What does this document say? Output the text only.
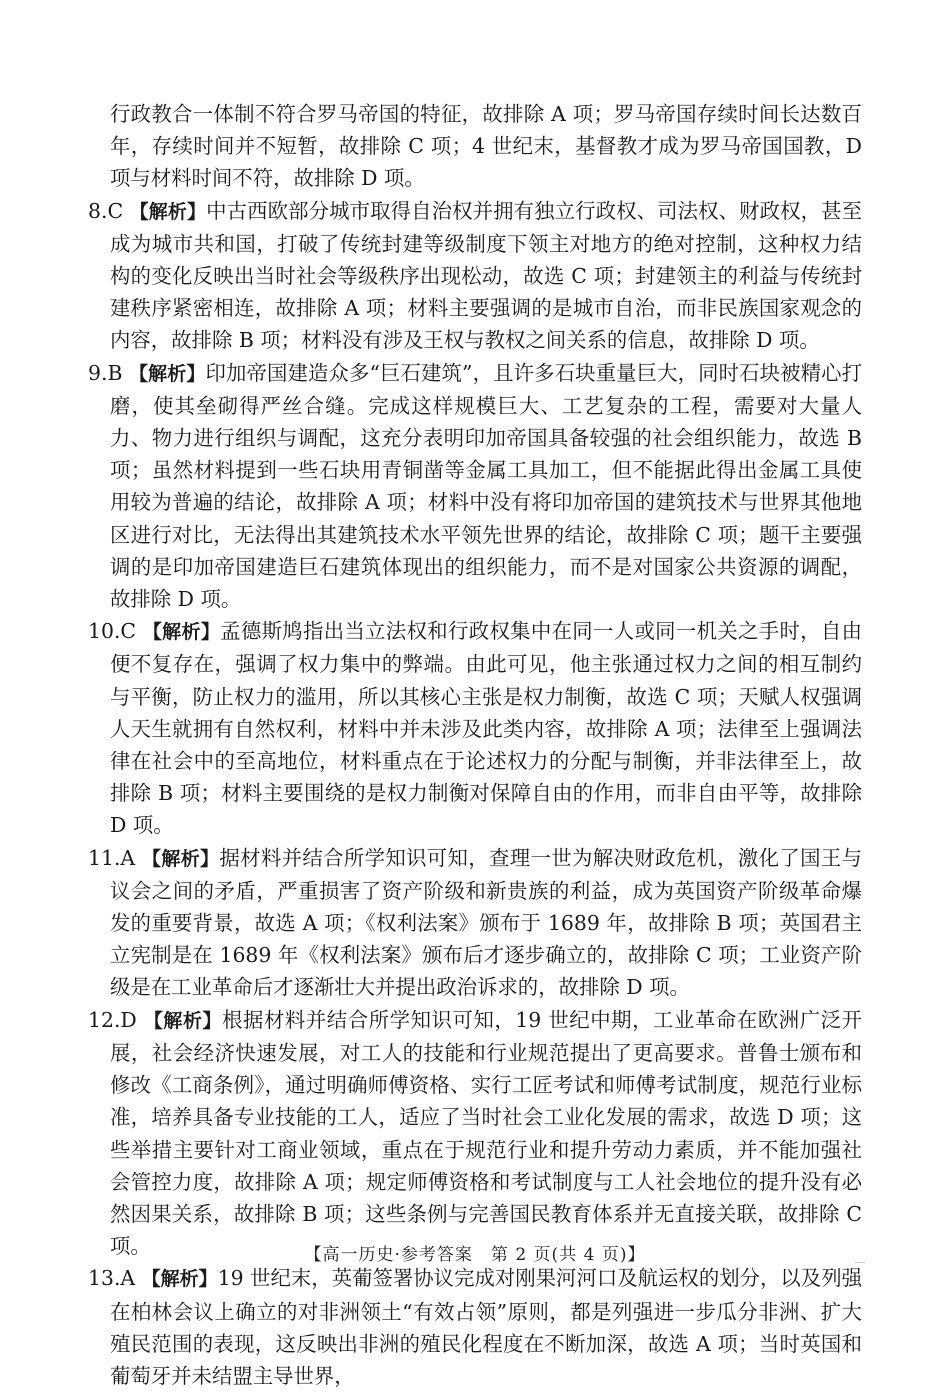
行政教合一体制不符合罗马帝国的特征，故排除 A 项；罗马帝国存续时间长达数百年，存续时间并不短暂，故排除 C 项；4 世纪末，基督教才成为罗马帝国国教，D 项与材料时间不符，故排除 D 项。

8.C 【解析】中古西欧部分城市取得自治权并拥有独立行政权、司法权、财政权，甚至成为城市共和国，打破了传统封建等级制度下领主对地方的绝对控制，这种权力结构的变化反映出当时社会等级秩序出现松动，故选 C 项；封建领主的利益与传统封建秩序紧密相连，故排除 A 项；材料主要强调的是城市自治，而非民族国家观念的内容，故排除 B 项；材料没有涉及王权与教权之间关系的信息，故排除 D 项。

9.B 【解析】印加帝国建造众多“巨石建筑”，且许多石块重量巨大，同时石块被精心打磨，使其垒砌得严丝合缝。完成这样规模巨大、工艺复杂的工程，需要对大量人力、物力进行组织与调配，这充分表明印加帝国具备较强的社会组织能力，故选 B 项；虽然材料提到一些石块用青铜凿等金属工具加工，但不能据此得出金属工具使用较为普遍的结论，故排除 A 项；材料中没有将印加帝国的建筑技术与世界其他地区进行对比，无法得出其建筑技术水平领先世界的结论，故排除 C 项；题干主要强调的是印加帝国建造巨石建筑体现出的组织能力，而不是对国家公共资源的调配，故排除 D 项。

10.C 【解析】孟德斯鸠指出当立法权和行政权集中在同一人或同一机关之手时，自由便不复存在，强调了权力集中的弊端。由此可见，他主张通过权力之间的相互制约与平衡，防止权力的滥用，所以其核心主张是权力制衡，故选 C 项；天赋人权强调人天生就拥有自然权利，材料中并未涉及此类内容，故排除 A 项；法律至上强调法律在社会中的至高地位，材料重点在于论述权力的分配与制衡，并非法律至上，故排除 B 项；材料主要围绕的是权力制衡对保障自由的作用，而非自由平等，故排除 D 项。

11.A 【解析】据材料并结合所学知识可知，查理一世为解决财政危机，激化了国王与议会之间的矛盾，严重损害了资产阶级和新贵族的利益，成为英国资产阶级革命爆发的重要背景，故选 A 项；《权利法案》颁布于 1689 年，故排除 B 项；英国君主立宪制是在 1689 年《权利法案》颁布后才逐步确立的，故排除 C 项；工业资产阶级是在工业革命后才逐渐壮大并提出政治诉求的，故排除 D 项。

12.D 【解析】根据材料并结合所学知识可知，19 世纪中期，工业革命在欧洲广泛开展，社会经济快速发展，对工人的技能和行业规范提出了更高要求。普鲁士颁布和修改《工商条例》，通过明确师傅资格、实行工匠考试和师傅考试制度，规范行业标准，培养具备专业技能的工人，适应了当时社会工业化发展的需求，故选 D 项；这些举措主要针对工商业领域，重点在于规范行业和提升劳动力素质，并不能加强社会管控力度，故排除 A 项；规定师傅资格和考试制度与工人社会地位的提升没有必然因果关系，故排除 B 项；这些条例与完善国民教育体系并无直接关联，故排除 C 项。

13.A 【解析】19 世纪末，英葡签署协议完成对刚果河河口及航运权的划分，以及列强在柏林会议上确立的对非洲领土“有效占领”原则，都是列强进一步瓜分非洲、扩大殖民范围的表现，这反映出非洲的殖民化程度在不断加深，故选 A 项；当时英国和葡萄牙并未结盟主导世界，

【高一历史·参考答案　第 2 页(共 4 页)】
